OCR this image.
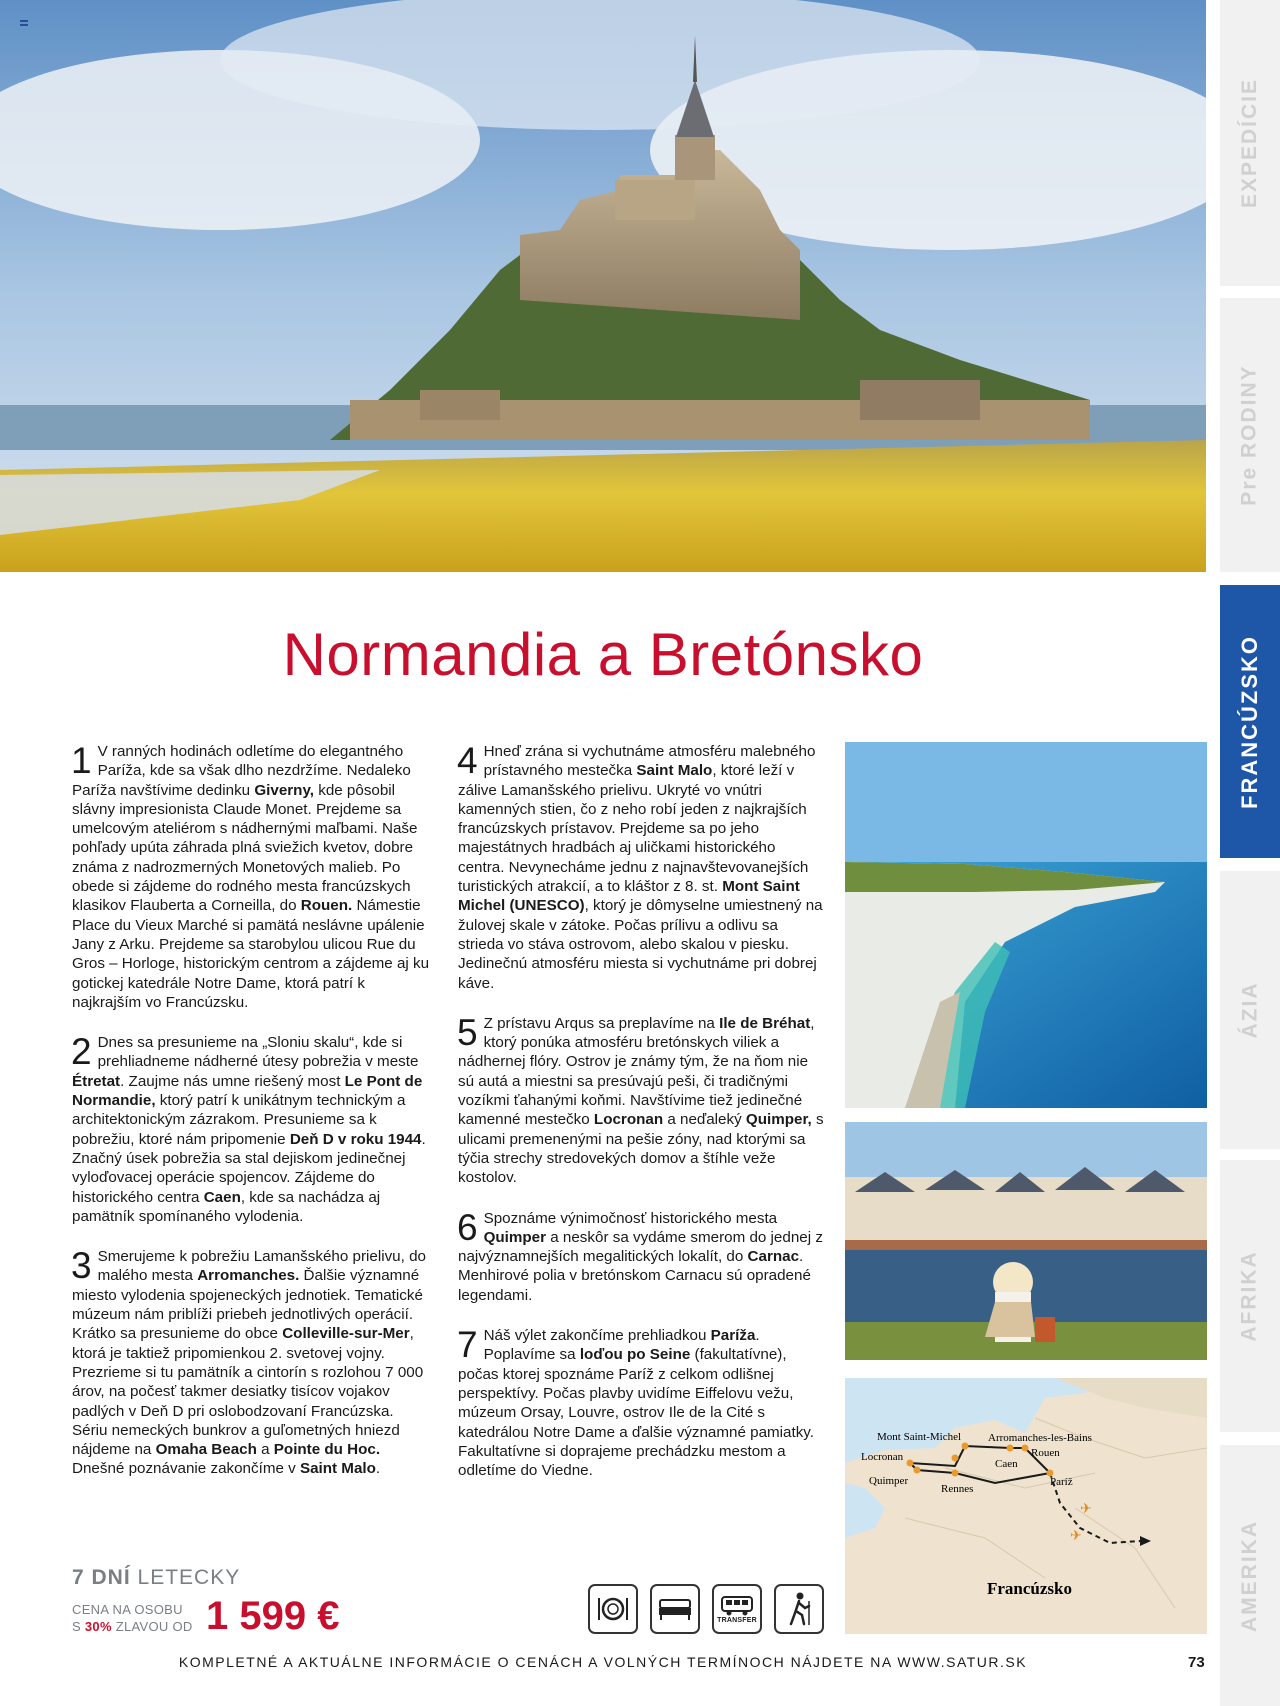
EXPEDÍCIE
Pre RODINY
FRANCÚZSKO
ÁZIA
AFRIKA
AMERIKA
Normandia a Bretónsko
1 V ranných hodinách odletíme do elegantného Paríža, kde sa však dlho nezdržíme. Nedaleko Paríža navštívime dedinku Giverny, kde pôsobil slávny impresionista Claude Monet. Prejdeme sa umelcovým ateliérom s nádhernými maľbami. Naše pohľady upúta záhrada plná sviežich kvetov, dobre známa z nadrozmerných Monetových malieb. Po obede si zájdeme do rodného mesta francúzskych klasikov Flauberta a Corneilla, do Rouen. Námestie Place du Vieux Marché si pamätá neslávne upálenie Jany z Arku. Prejdeme sa starobylou ulicou Rue du Gros – Horloge, historickým centrom a zájdeme aj ku gotickej katedrále Notre Dame, ktorá patrí k najkrajším vo Francúzsku.
2 Dnes sa presunieme na „Sloniu skalu“, kde si prehliadneme nádherné útesy pobrežia v meste Étretat. Zaujme nás umne riešený most Le Pont de Normandie, ktorý patrí k unikátnym technickým a architektonickým zázrakom. Presunieme sa k pobrežiu, ktoré nám pripomenie Deň D v roku 1944. Značný úsek pobrežia sa stal dejiskom jedinečnej vyloďovacej operácie spojencov. Zájdeme do historického centra Caen, kde sa nachádza aj pamätník spomínaného vylodenia.
3 Smerujeme k pobrežiu Lamanšského prielivu, do malého mesta Arromanches. Ďalšie významné miesto vylodenia spojeneckých jednotiek. Tematické múzeum nám priblíži priebeh jednotlivých operácií. Krátko sa presunieme do obce Colleville-sur-Mer, ktorá je taktiež pripomienkou 2. svetovej vojny. Prezrieme si tu pamätník a cintorín s rozlohou 7 000 árov, na počesť takmer desiatky tisícov vojakov padlých v Deň D pri oslobodzovaní Francúzska. Sériu nemeckých bunkrov a guľometných hniezd nájdeme na Omaha Beach a Pointe du Hoc. Dnešné poznávanie zakončíme v Saint Malo.
4 Hneď zrána si vychutnáme atmosféru malebného prístavného mestečka Saint Malo, ktoré leží v zálive Lamanšského prielivu. Ukryté vo vnútri kamenných stien, čo z neho robí jeden z najkrajších francúzskych prístavov. Prejdeme sa po jeho majestátnych hradbách aj uličkami historického centra. Nevynecháme jednu z najnavštevovanejších turistických atrakcií, a to kláštor z 8. st. Mont Saint Michel (UNESCO), ktorý je dômyselne umiestnený na žulovej skale v zátoke. Počas prílivu a odlivu sa strieda vo stáva ostrovom, alebo skalou v piesku. Jedinečnú atmosféru miesta si vychutnáme pri dobrej káve.
5 Z prístavu Arqus sa preplavíme na Ile de Bréhat, ktorý ponúka atmosféru bretónskych viliek a nádhernej flóry. Ostrov je známy tým, že na ňom nie sú autá a miestni sa presúvajú peši, či tradičnými vozíkmi ťahanými koňmi. Navštívime tiež jedinečné kamenné mestečko Locronan a neďaleký Quimper, s ulicami premenenými na pešie zóny, nad ktorými sa týčia strechy stredovekých domov a štíhle veže kostolov.
6 Spoznáme výnimočnosť historického mesta Quimper a neskôr sa vydáme smerom do jednej z najvýznamnejších megalitických lokalít, do Carnac. Menhirové polia v bretónskom Carnacu sú opradené legendami.
7 Náš výlet zakončíme prehliadkou Paríža. Poplavíme sa loďou po Seine (fakultatívne), počas ktorej spoznáme Paríž z celkom odlišnej perspektívy. Počas plavby uvidíme Eiffelovu vežu, múzeum Orsay, Louvre, ostrov Ile de la Cité s katedrálou Notre Dame a ďalšie významné pamiatky. Fakultatívne si doprajeme prechádzku mestom a odletíme do Viedne.
✈
✈
Mont Saint-Michel Arromanches-les-Bains
Locronan	Rouen
Caen
Quimper
Rennes
Paríž
Francúzsko
7 DNÍ LETECKY
CENA NA OSOBU
S 30% ZLAVOU OD 1 599 €	TRANSFER
KOMPLETNÉ A AKTUÁLNE INFORMÁCIE O CENÁCH A VOLNÝCH TERMÍNOCH NÁJDETE NA WWW.SATUR.SK	73
